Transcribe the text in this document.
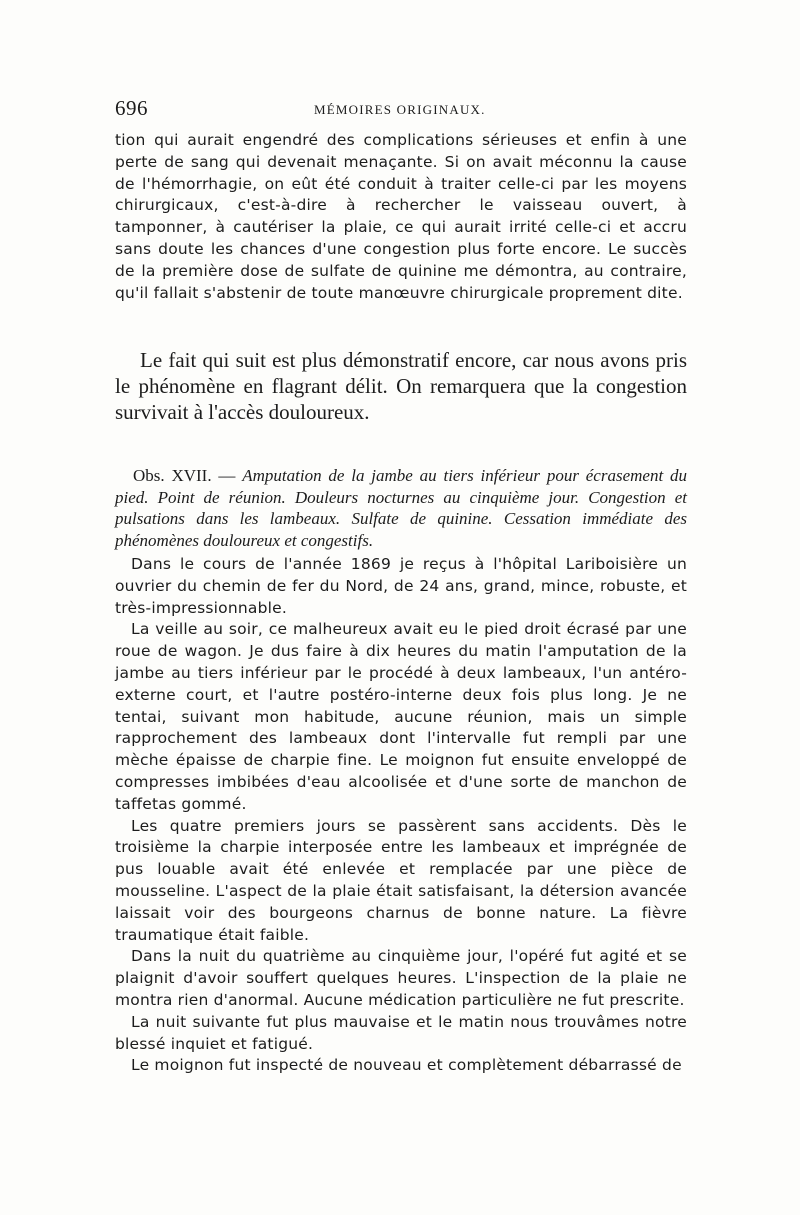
696	MÉMOIRES ORIGINAUX.

tion qui aurait engendré des complications sérieuses et enfin à une perte de sang qui devenait menaçante. Si on avait méconnu la cause de l'hémorrhagie, on eût été conduit à traiter celle-ci par les moyens chirurgicaux, c'est-à-dire à rechercher le vaisseau ouvert, à tamponner, à cautériser la plaie, ce qui aurait irrité celle-ci et accru sans doute les chances d'une congestion plus forte encore. Le succès de la première dose de sulfate de quinine me démontra, au contraire, qu'il fallait s'abstenir de toute manœuvre chirurgicale proprement dite.

Le fait qui suit est plus démonstratif encore, car nous avons pris le phénomène en flagrant délit. On remarquera que la congestion survivait à l'accès douloureux.

Obs. XVII. — Amputation de la jambe au tiers inférieur pour écrasement du pied. Point de réunion. Douleurs nocturnes au cinquième jour. Congestion et pulsations dans les lambeaux. Sulfate de quinine. Cessation immédiate des phénomènes douloureux et congestifs.

Dans le cours de l'année 1869 je reçus à l'hôpital Lariboisière un ouvrier du chemin de fer du Nord, de 24 ans, grand, mince, robuste, et très-impressionnable.

La veille au soir, ce malheureux avait eu le pied droit écrasé par une roue de wagon. Je dus faire à dix heures du matin l'amputation de la jambe au tiers inférieur par le procédé à deux lambeaux, l'un antéro-externe court, et l'autre postéro-interne deux fois plus long. Je ne tentai, suivant mon habitude, aucune réunion, mais un simple rapprochement des lambeaux dont l'intervalle fut rempli par une mèche épaisse de charpie fine. Le moignon fut ensuite enveloppé de compresses imbibées d'eau alcoolisée et d'une sorte de manchon de taffetas gommé.

Les quatre premiers jours se passèrent sans accidents. Dès le troisième la charpie interposée entre les lambeaux et imprégnée de pus louable avait été enlevée et remplacée par une pièce de mousseline. L'aspect de la plaie était satisfaisant, la détersion avancée laissait voir des bourgeons charnus de bonne nature. La fièvre traumatique était faible.

Dans la nuit du quatrième au cinquième jour, l'opéré fut agité et se plaignit d'avoir souffert quelques heures. L'inspection de la plaie ne montra rien d'anormal. Aucune médication particulière ne fut prescrite.

La nuit suivante fut plus mauvaise et le matin nous trouvâmes notre blessé inquiet et fatigué.

Le moignon fut inspecté de nouveau et complètement débarrassé de
